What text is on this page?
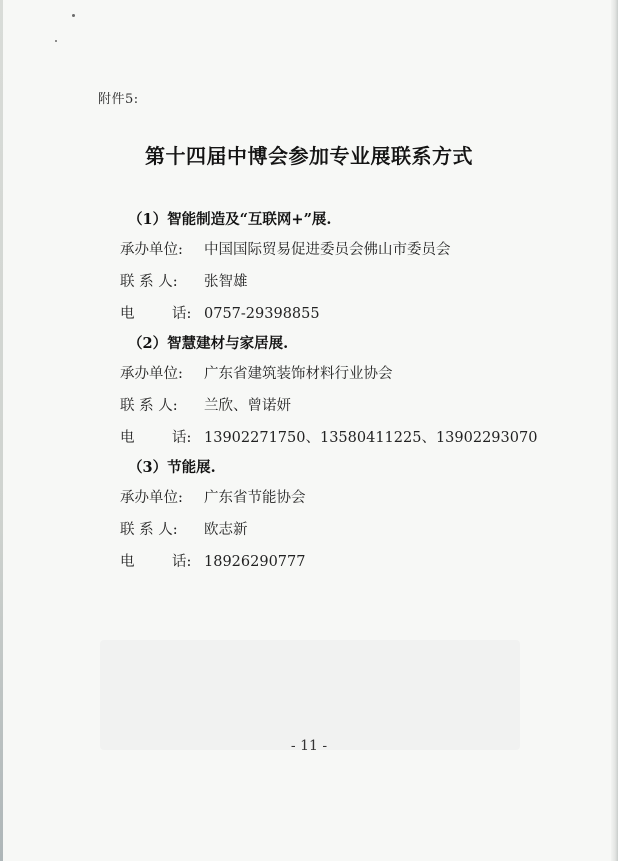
附件5:
第十四届中博会参加专业展联系方式
（1）智能制造及“互联网+”展.
承办单位: 中国国际贸易促进委员会佛山市委员会
联 系 人: 张智雄
电	话: 0757-29398855
（2）智慧建材与家居展.
承办单位: 广东省建筑装饰材料行业协会
联 系 人: 兰欣、曾诺妍
电	话: 13902271750、13580411225、13902293070
（3）节能展.
承办单位: 广东省节能协会
联 系 人: 欧志新
电	话: 18926290777
- 11 -
